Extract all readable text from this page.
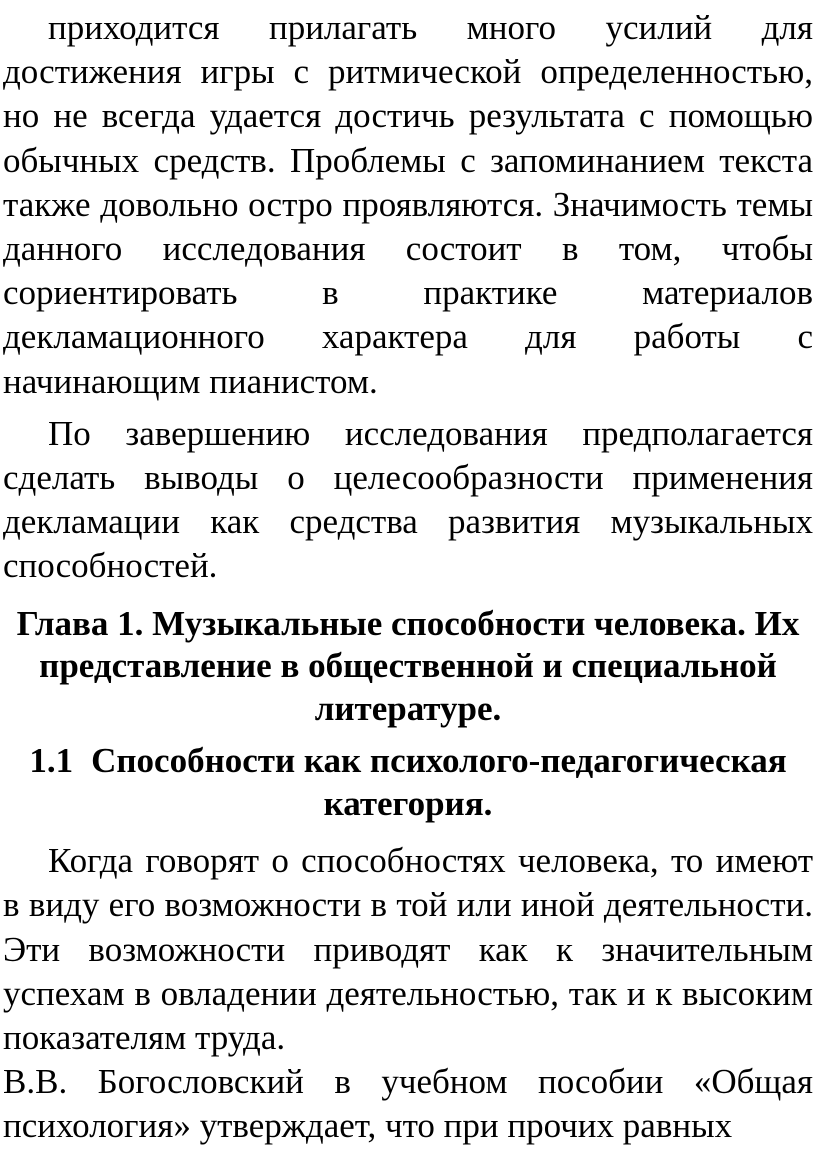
приходится прилагать много усилий для достижения игры с ритмической определенностью, но не всегда удается достичь результата с помощью обычных средств. Проблемы с запоминанием текста также довольно остро проявляются. Значимость темы данного исследования состоит в том, чтобы сориентировать в практике материалов декламационного характера для работы с начинающим пианистом.

По завершению исследования предполагается сделать выводы о целесообразности применения декламации как средства развития музыкальных способностей.

Глава 1. Музыкальные способности человека. Их представление в общественной и специальной литературе.
1.1 Способности как психолого-педагогическая категория.

Когда говорят о способностях человека, то имеют в виду его возможности в той или иной деятельности. Эти возможности приводят как к значительным успехам в овладении деятельностью, так и к высоким показателям труда.

В.В. Богословский в учебном пособии «Общая психология» утверждает, что при прочих равных
